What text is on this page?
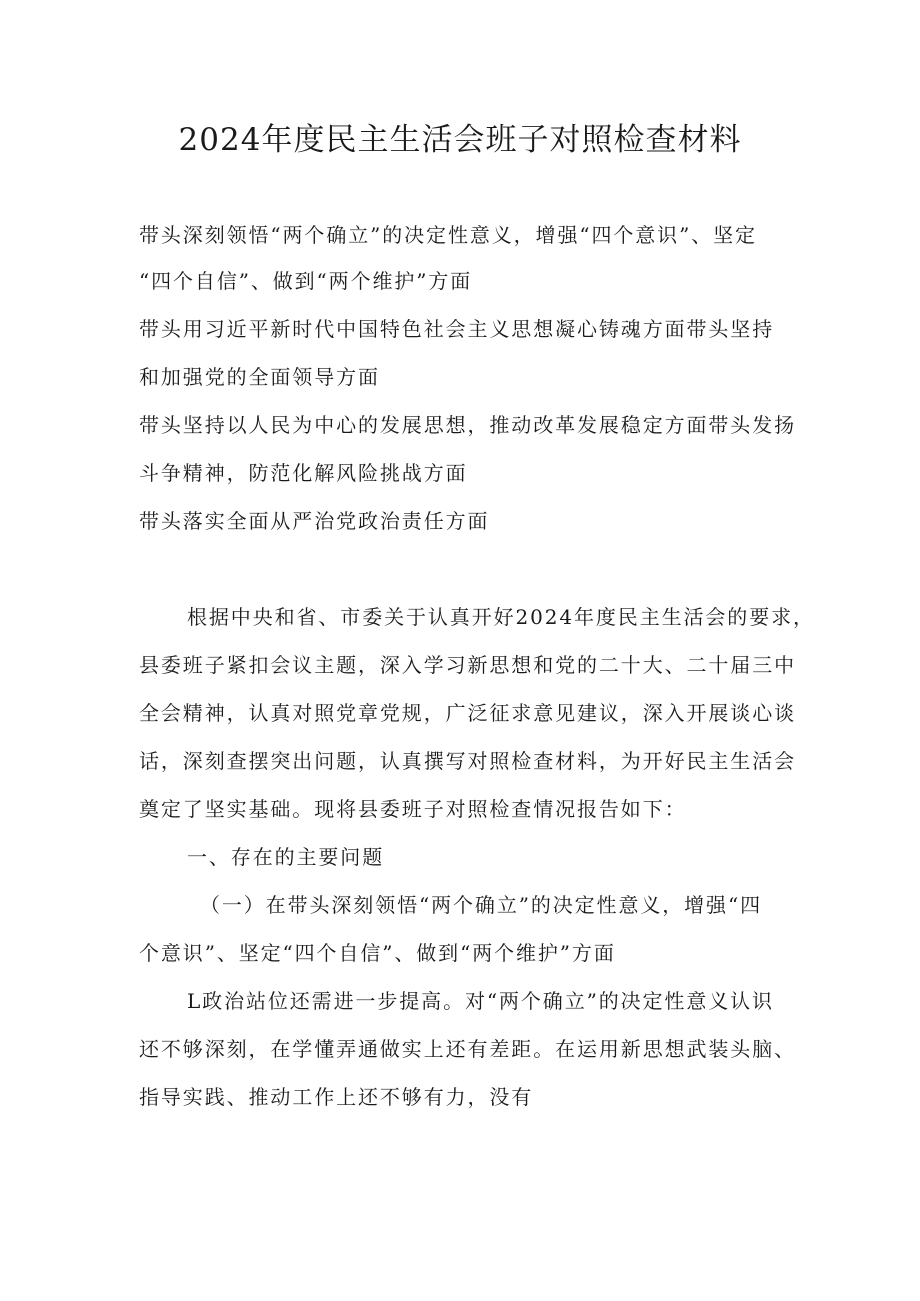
2024年度民主生活会班子对照检查材料
带头深刻领悟“两个确立”的决定性意义，增强“四个意识”、坚定
“四个自信”、做到“两个维护”方面
带头用习近平新时代中国特色社会主义思想凝心铸魂方面带头坚持
和加强党的全面领导方面
带头坚持以人民为中心的发展思想，推动改革发展稳定方面带头发扬
斗争精神，防范化解风险挑战方面
带头落实全面从严治党政治责任方面
根据中央和省、市委关于认真开好2024年度民主生活会的要求，
县委班子紧扣会议主题，深入学习新思想和党的二十大、二十届三中
全会精神，认真对照党章党规，广泛征求意见建议，深入开展谈心谈
话，深刻查摆突出问题，认真撰写对照检查材料，为开好民主生活会
奠定了坚实基础。现将县委班子对照检查情况报告如下：
一、存在的主要问题
（一）在带头深刻领悟“两个确立”的决定性意义，增强“四
个意识”、坚定“四个自信”、做到“两个维护”方面
L政治站位还需进一步提高。对“两个确立”的决定性意义认识
还不够深刻，在学懂弄通做实上还有差距。在运用新思想武装头脑、
指导实践、推动工作上还不够有力，没有
